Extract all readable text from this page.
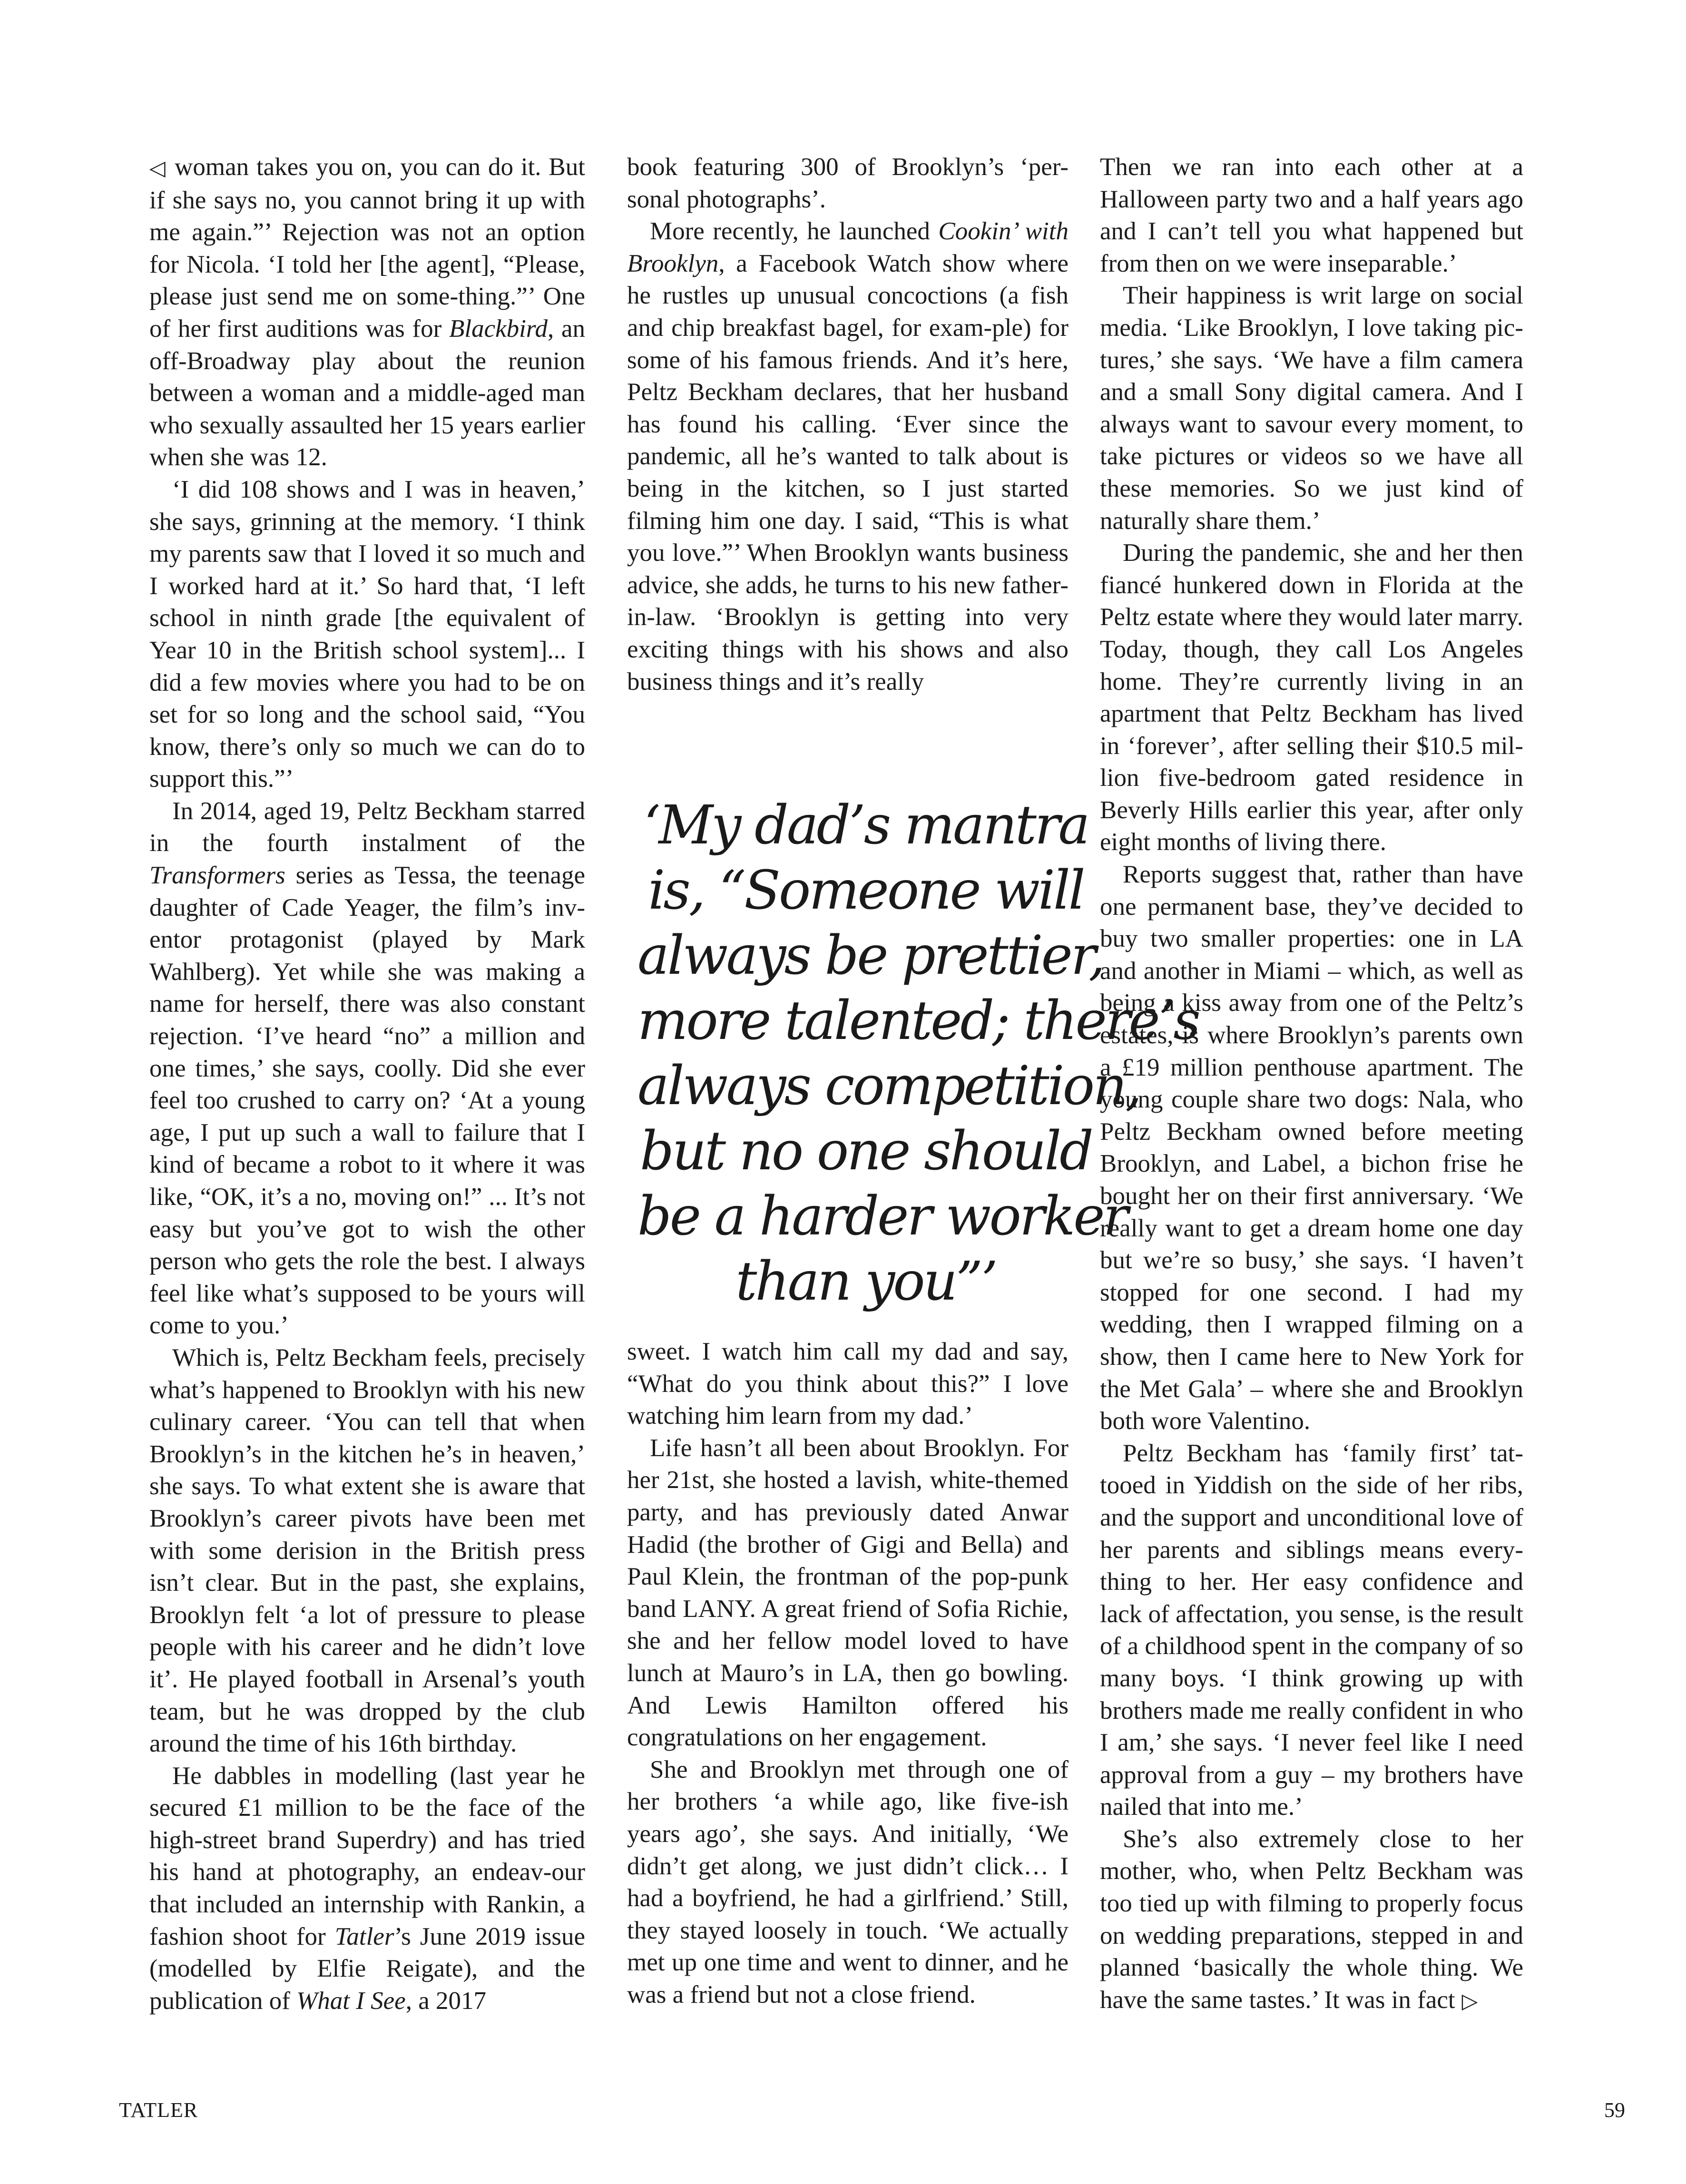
◁ woman takes you on, you can do it. But if she says no, you cannot bring it up with me again.”’ Rejection was not an option for Nicola. ‘I told her [the agent], “Please, please just send me on some-thing.”’ One of her first auditions was for Blackbird, an off-Broadway play about the reunion between a woman and a middle-aged man who sexually assaulted her 15 years earlier when she was 12.

‘I did 108 shows and I was in heaven,’ she says, grinning at the memory. ‘I think my parents saw that I loved it so much and I worked hard at it.’ So hard that, ‘I left school in ninth grade [the equivalent of Year 10 in the British school system]... I did a few movies where you had to be on set for so long and the school said, “You know, there’s only so much we can do to support this.”’

In 2014, aged 19, Peltz Beckham starred in the fourth instalment of the Transformers series as Tessa, the teenage daughter of Cade Yeager, the film’s inv-entor protagonist (played by Mark Wahlberg). Yet while she was making a name for herself, there was also constant rejection. ‘I’ve heard “no” a million and one times,’ she says, coolly. Did she ever feel too crushed to carry on? ‘At a young age, I put up such a wall to failure that I kind of became a robot to it where it was like, “OK, it’s a no, moving on!” ... It’s not easy but you’ve got to wish the other person who gets the role the best. I always feel like what’s supposed to be yours will come to you.’

Which is, Peltz Beckham feels, precisely what’s happened to Brooklyn with his new culinary career. ‘You can tell that when Brooklyn’s in the kitchen he’s in heaven,’ she says. To what extent she is aware that Brooklyn’s career pivots have been met with some derision in the British press isn’t clear. But in the past, she explains, Brooklyn felt ‘a lot of pressure to please people with his career and he didn’t love it’. He played football in Arsenal’s youth team, but he was dropped by the club around the time of his 16th birthday.

He dabbles in modelling (last year he secured £1 million to be the face of the high-street brand Superdry) and has tried his hand at photography, an endeav-our that included an internship with Rankin, a fashion shoot for Tatler’s June 2019 issue (modelled by Elfie Reigate), and the publication of What I See, a 2017

book featuring 300 of Brooklyn’s ‘per-sonal photographs’.

More recently, he launched Cookin’ with Brooklyn, a Facebook Watch show where he rustles up unusual concoctions (a fish and chip breakfast bagel, for exam-ple) for some of his famous friends. And it’s here, Peltz Beckham declares, that her husband has found his calling. ‘Ever since the pandemic, all he’s wanted to talk about is being in the kitchen, so I just started filming him one day. I said, “This is what you love.”’ When Brooklyn wants business advice, she adds, he turns to his new father-in-law. ‘Brooklyn is getting into very exciting things with his shows and also business things and it’s really

‘My dad’s mantra
is, “Someone will
always be prettier,
more talented; there’s
always competition,
but no one should
be a harder worker
than you”’

sweet. I watch him call my dad and say, “What do you think about this?” I love watching him learn from my dad.’

Life hasn’t all been about Brooklyn. For her 21st, she hosted a lavish, white-themed party, and has previously dated Anwar Hadid (the brother of Gigi and Bella) and Paul Klein, the frontman of the pop-punk band LANY. A great friend of Sofia Richie, she and her fellow model loved to have lunch at Mauro’s in LA, then go bowling. And Lewis Hamilton offered his congratulations on her engagement.

She and Brooklyn met through one of her brothers ‘a while ago, like five-ish years ago’, she says. And initially, ‘We didn’t get along, we just didn’t click… I had a boyfriend, he had a girlfriend.’ Still, they stayed loosely in touch. ‘We actually met up one time and went to dinner, and he was a friend but not a close friend.

Then we ran into each other at a Halloween party two and a half years ago and I can’t tell you what happened but from then on we were inseparable.’

Their happiness is writ large on social media. ‘Like Brooklyn, I love taking pic-tures,’ she says. ‘We have a film camera and a small Sony digital camera. And I always want to savour every moment, to take pictures or videos so we have all these memories. So we just kind of naturally share them.’

During the pandemic, she and her then fiancé hunkered down in Florida at the Peltz estate where they would later marry. Today, though, they call Los Angeles home. They’re currently living in an apartment that Peltz Beckham has lived in ‘forever’, after selling their $10.5 mil-lion five-bedroom gated residence in Beverly Hills earlier this year, after only eight months of living there.

Reports suggest that, rather than have one permanent base, they’ve decided to buy two smaller properties: one in LA and another in Miami – which, as well as being a kiss away from one of the Peltz’s estates, is where Brooklyn’s parents own a £19 million penthouse apartment. The young couple share two dogs: Nala, who Peltz Beckham owned before meeting Brooklyn, and Label, a bichon frise he bought her on their first anniversary. ‘We really want to get a dream home one day but we’re so busy,’ she says. ‘I haven’t stopped for one second. I had my wedding, then I wrapped filming on a show, then I came here to New York for the Met Gala’ – where she and Brooklyn both wore Valentino.

Peltz Beckham has ‘family first’ tat-tooed in Yiddish on the side of her ribs, and the support and unconditional love of her parents and siblings means every-thing to her. Her easy confidence and lack of affectation, you sense, is the result of a childhood spent in the company of so many boys. ‘I think growing up with brothers made me really confident in who I am,’ she says. ‘I never feel like I need approval from a guy – my brothers have nailed that into me.’

She’s also extremely close to her mother, who, when Peltz Beckham was too tied up with filming to properly focus on wedding preparations, stepped in and planned ‘basically the whole thing. We have the same tastes.’ It was in fact ▷

TATLER	59
